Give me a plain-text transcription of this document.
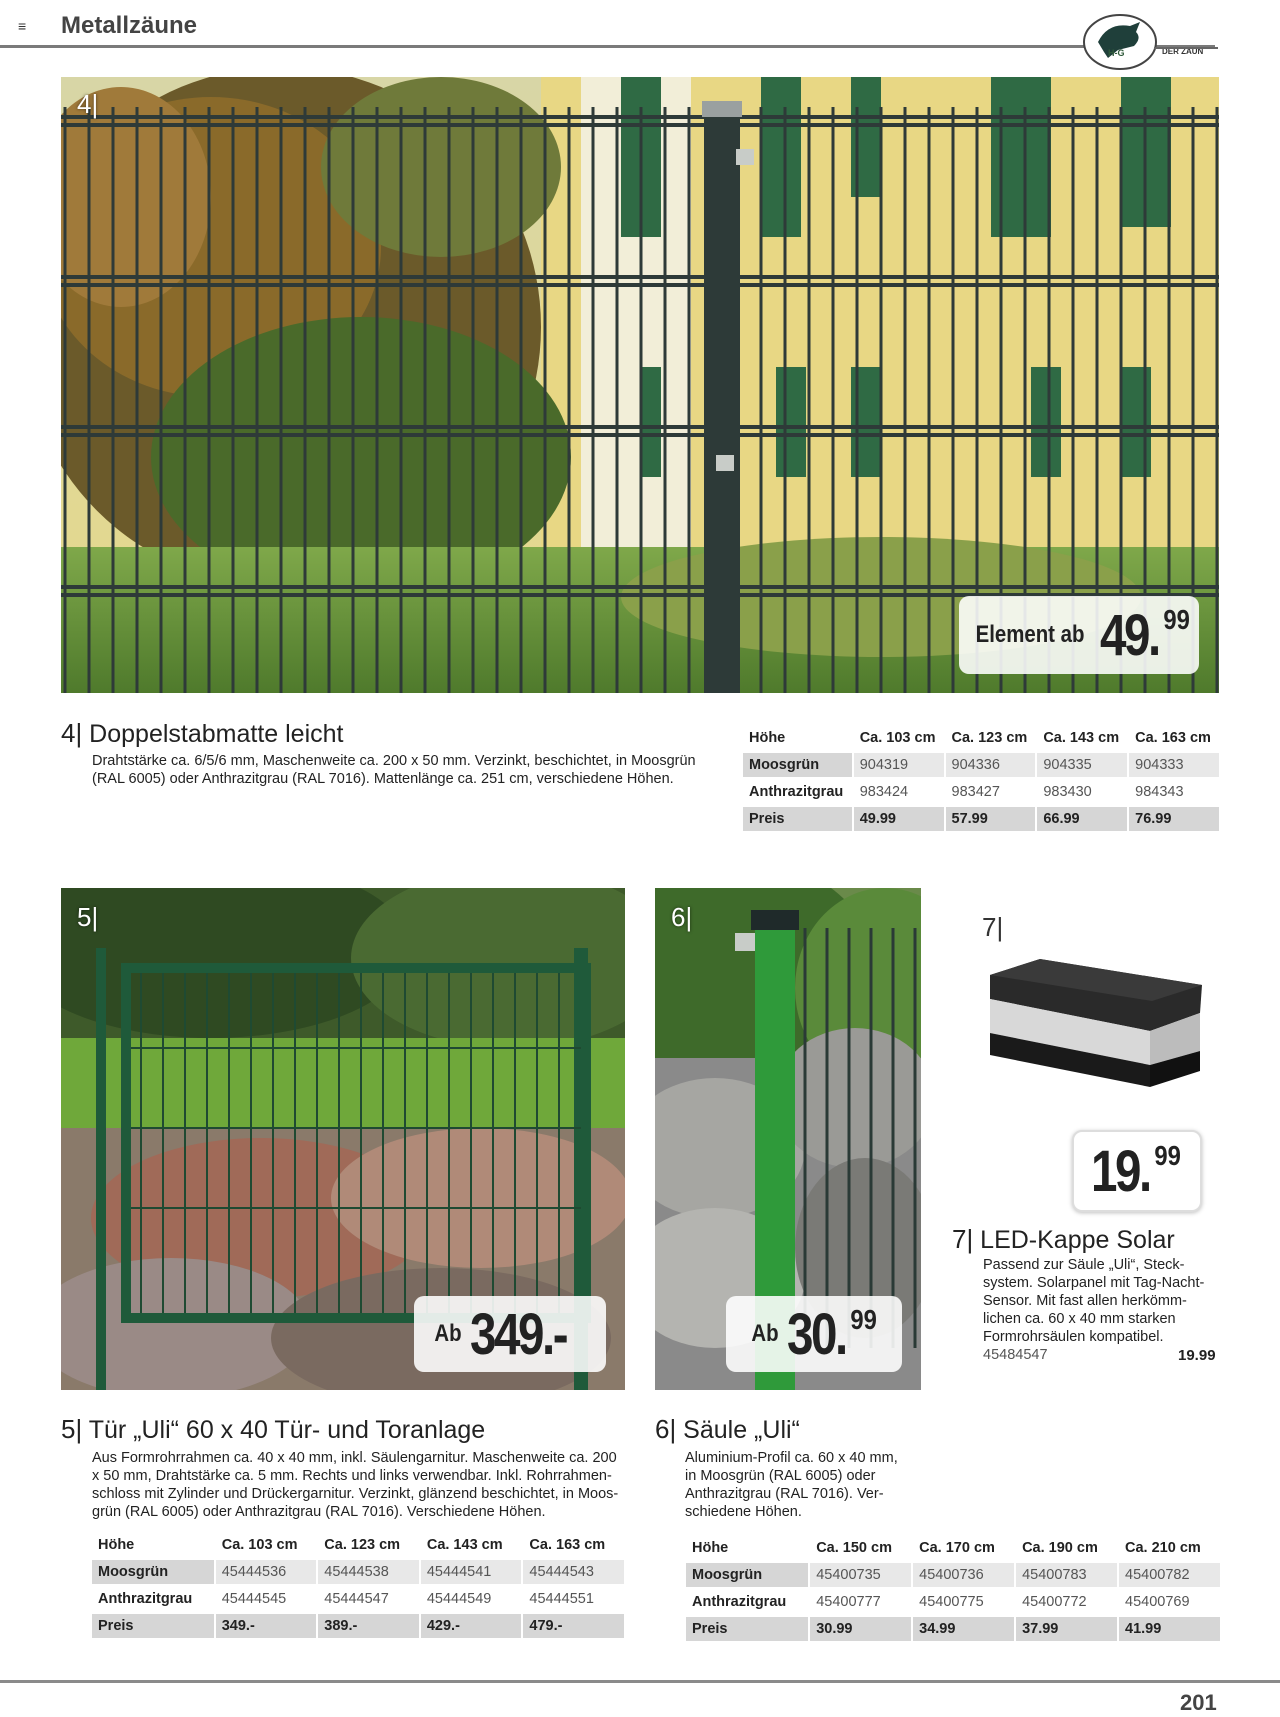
≡ Metallzäune
H-G	DER ZAUN
4|
Element ab 49. 99
4| Doppelstabmatte leicht
Drahtstärke ca. 6/5/6 mm, Maschenweite ca. 200 x 50 mm. Verzinkt, beschichtet, in Moosgrün (RAL 6005) oder Anthrazitgrau (RAL 7016). Mattenlänge ca. 251 cm, verschiedene Höhen.
Höhe	Ca. 103 cm	Ca. 123 cm	Ca. 143 cm	Ca. 163 cm
Moosgrün	904319	904336	904335	904333
Anthrazitgrau	983424	983427	983430	984343
Preis	49.99	57.99	66.99	76.99
5|
Ab 349.-
6|
Ab 30. 99
7|
19. 99
7| LED-Kappe Solar
Passend zur Säule „Uli“, Steck-system. Solarpanel mit Tag-Nacht-Sensor. Mit fast allen herkömm-lichen ca. 60 x 40 mm starken Formrohrsäulen kompatibel.
45484547	19.99
5| Tür „Uli“ 60 x 40 Tür- und Toranlage
Aus Formrohrrahmen ca. 40 x 40 mm, inkl. Säulengarnitur. Maschenweite ca. 200 x 50 mm, Drahtstärke ca. 5 mm. Rechts und links verwendbar. Inkl. Rohrrahmen-schloss mit Zylinder und Drückergarnitur. Verzinkt, glänzend beschichtet, in Moos-grün (RAL 6005) oder Anthrazitgrau (RAL 7016). Verschiedene Höhen.
Höhe	Ca. 103 cm	Ca. 123 cm	Ca. 143 cm	Ca. 163 cm
Moosgrün	45444536	45444538	45444541	45444543
Anthrazitgrau	45444545	45444547	45444549	45444551
Preis	349.-	389.-	429.-	479.-
6| Säule „Uli“
Aluminium-Profil ca. 60 x 40 mm, in Moosgrün (RAL 6005) oder Anthrazitgrau (RAL 7016). Ver-schiedene Höhen.
Höhe	Ca. 150 cm	Ca. 170 cm	Ca. 190 cm	Ca. 210 cm
Moosgrün	45400735	45400736	45400783	45400782
Anthrazitgrau	45400777	45400775	45400772	45400769
Preis	30.99	34.99	37.99	41.99
201
